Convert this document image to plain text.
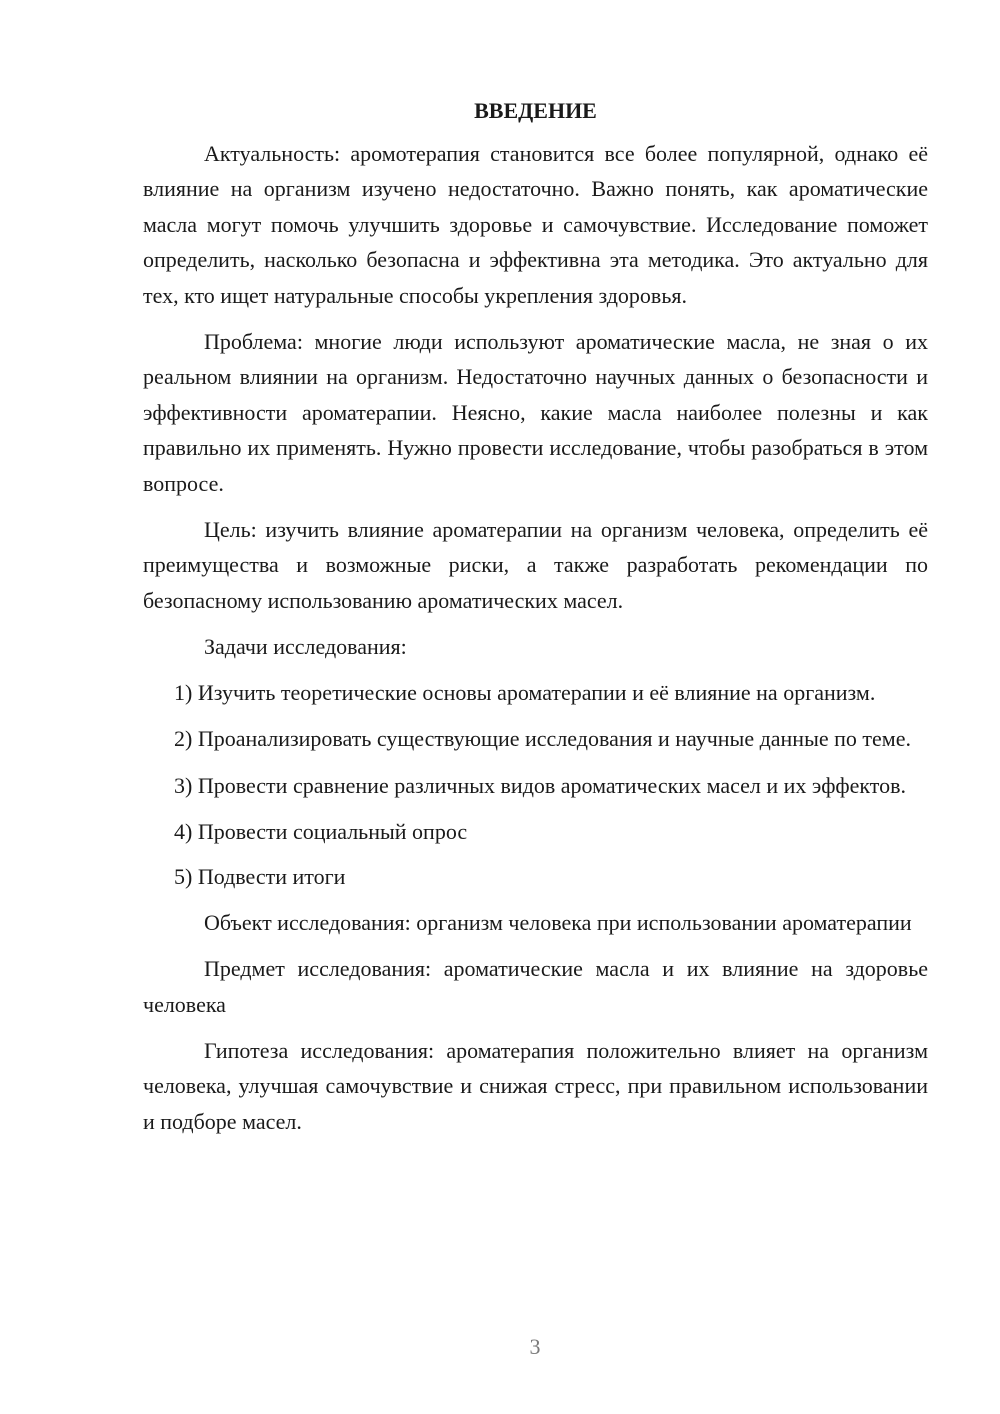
ВВЕДЕНИЕ

Актуальность: аромотерапия становится все более популярной, однако её влияние на организм изучено недостаточно. Важно понять, как ароматические масла могут помочь улучшить здоровье и самочувствие. Исследование поможет определить, насколько безопасна и эффективна эта методика. Это актуально для тех, кто ищет натуральные способы укрепления здоровья.

Проблема: многие люди используют ароматические масла, не зная о их реальном влиянии на организм. Недостаточно научных данных о безопасности и эффективности ароматерапии. Неясно, какие масла наиболее полезны и как правильно их применять. Нужно провести исследование, чтобы разобраться в этом вопросе.

Цель: изучить влияние ароматерапии на организм человека, определить её преимущества и возможные риски, а также разработать рекомендации по безопасному использованию ароматических масел.

Задачи исследования:

1) Изучить теоретические основы ароматерапии и её влияние на организм.

2) Проанализировать существующие исследования и научные данные по теме.

3) Провести сравнение различных видов ароматических масел и их эффектов.

4) Провести социальный опрос

5) Подвести итоги

Объект исследования: организм человека при использовании ароматерапии

Предмет исследования: ароматические масла и их влияние на здоровье человека

Гипотеза исследования: ароматерапия положительно влияет на организм человека, улучшая самочувствие и снижая стресс, при правильном использовании и подборе масел.

3
